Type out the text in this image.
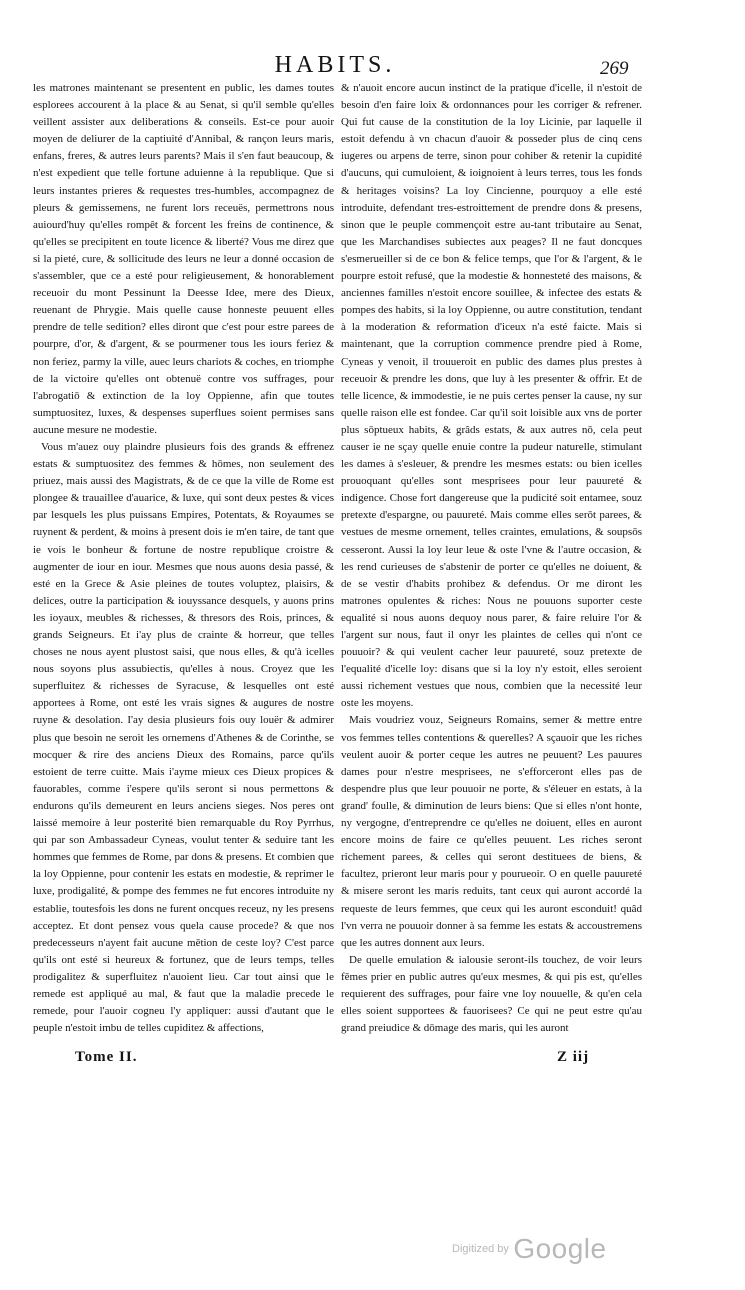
HABITS.	269

les matrones maintenant se presentent en public, les dames toutes esplorees accourent à la place & au Senat, si qu'il semble qu'elles veillent assister aux deliberations & conseils. Est-ce pour auoir moyen de deliurer de la captiuité d'Annibal, & rançon leurs maris, enfans, freres, & autres leurs parents? Mais il s'en faut beaucoup, & n'est expedient que telle fortune aduienne à la republique. Que si leurs instantes prieres & requestes tres-humbles, accompagnez de pleurs & gemissemens, ne furent lors receuës, permettrons nous auiourd'huy qu'elles rompêt & forcent les freins de continence, & qu'elles se precipitent en toute licence & liberté? Vous me direz que si la pieté, cure, & sollicitude des leurs ne leur a donné occasion de s'assembler, que ce a esté pour religieusement, & honorablement receuoir du mont Pessinunt la Deesse Idee, mere des Dieux, reuenant de Phrygie. Mais quelle cause honneste peuuent elles prendre de telle sedition? elles diront que c'est pour estre parees de pourpre, d'or, & d'argent, & se pourmener tous les iours feriez & non feriez, parmy la ville, auec leurs chariots & coches, en triomphe de la victoire qu'elles ont obtenuë contre vos suffrages, pour l'abrogatiō & extinction de la loy Oppienne, afin que toutes sumptuositez, luxes, & despenses superflues soient permises sans aucune mesure ne modestie.

Vous m'auez ouy plaindre plusieurs fois des grands & effrenez estats & sumptuositez des femmes & hōmes, non seulement des priuez, mais aussi des Magistrats, & de ce que la ville de Rome est plongee & trauaillee d'auarice, & luxe, qui sont deux pestes & vices par lesquels les plus puissans Empires, Potentats, & Royaumes se ruynent & perdent, & moins à present dois ie m'en taire, de tant que ie vois le bonheur & fortune de nostre republique croistre & augmenter de iour en iour. Mesmes que nous auons desia passé, & esté en la Grece & Asie pleines de toutes voluptez, plaisirs, & delices, outre la participation & iouyssance desquels, y auons prins les ioyaux, meubles & richesses, & thresors des Rois, princes, & grands Seigneurs. Et i'ay plus de crainte & horreur, que telles choses ne nous ayent plustost saisi, que nous elles, & qu'à icelles nous soyons plus assubiectis, qu'elles à nous. Croyez que les superfluitez & richesses de Syracuse, & lesquelles ont esté apportees à Rome, ont esté les vrais signes & augures de nostre ruyne & desolation. I'ay desia plusieurs fois ouy louër & admirer plus que besoin ne seroit les ornemens d'Athenes & de Corinthe, se mocquer & rire des anciens Dieux des Romains, parce qu'ils estoient de terre cuitte. Mais i'ayme mieux ces Dieux propices & fauorables, comme i'espere qu'ils seront si nous permettons & endurons qu'ils demeurent en leurs anciens sieges. Nos peres ont laissé memoire à leur posterité bien remarquable du Roy Pyrrhus, qui par son Ambassadeur Cyneas, voulut tenter & seduire tant les hommes que femmes de Rome, par dons & presens. Et combien que la loy Oppienne, pour contenir les estats en modestie, & reprimer le luxe, prodigalité, & pompe des femmes ne fut encores introduite ny establie, toutesfois les dons ne furent oncques receuz, ny les presens acceptez. Et dont pensez vous quela cause procede? & que nos predecesseurs n'ayent fait aucune mētion de ceste loy? C'est parce qu'ils ont esté si heureux & fortunez, que de leurs temps, telles prodigalitez & superfluitez n'auoient lieu. Car tout ainsi que le remede est appliqué au mal, & faut que la maladie precede le remede, pour l'auoir cogneu l'y appliquer: aussi d'autant que le peuple n'estoit imbu de telles cupiditez & affections,

& n'auoit encore aucun instinct de la pratique d'icelle, il n'estoit de besoin d'en faire loix & ordonnances pour les corriger & refrener. Qui fut cause de la constitution de la loy Licinie, par laquelle il estoit defendu à vn chacun d'auoir & posseder plus de cinq cens iugeres ou arpens de terre, sinon pour cohiber & retenir la cupidité d'aucuns, qui cumuloient, & ioignoient à leurs terres, tous les fonds & heritages voisins? La loy Cincienne, pourquoy a elle esté introduite, defendant tres-estroittement de prendre dons & presens, sinon que le peuple commençoit estre au-tant tributaire au Senat, que les Marchandises subiectes aux peages? Il ne faut doncques s'esmerueiller si de ce bon & felice temps, que l'or & l'argent, & le pourpre estoit refusé, que la modestie & honnesteté des maisons, & anciennes familles n'estoit encore souillee, & infectee des estats & pompes des habits, si la loy Oppienne, ou autre constitution, tendant à la moderation & reformation d'iceux n'a esté faicte. Mais si maintenant, que la corruption commence prendre pied à Rome, Cyneas y venoit, il trouueroit en public des dames plus prestes à receuoir & prendre les dons, que luy à les presenter & offrir. Et de telle licence, & immodestie, ie ne puis certes penser la cause, ny sur quelle raison elle est fondee. Car qu'il soit loisible aux vns de porter plus sōptueux habits, & grâds estats, & aux autres nō, cela peut causer ie ne sçay quelle enuie contre la pudeur naturelle, stimulant les dames à s'esleuer, & prendre les mesmes estats: ou bien icelles prouoquant qu'elles sont mesprisees pour leur pauureté & indigence. Chose fort dangereuse que la pudicité soit entamee, souz pretexte d'espargne, ou pauureté. Mais comme elles serōt parees, & vestues de mesme ornement, telles craintes, emulations, & soupsōs cesseront. Aussi la loy leur leue & oste l'vne & l'autre occasion, & les rend curieuses de s'abstenir de porter ce qu'elles ne doiuent, & de se vestir d'habits prohibez & defendus. Or me diront les matrones opulentes & riches: Nous ne pouuons suporter ceste equalité si nous auons dequoy nous parer, & faire reluire l'or & l'argent sur nous, faut il onyr les plaintes de celles qui n'ont ce pouuoir? & qui veulent cacher leur pauureté, souz pretexte de l'equalité d'icelle loy: disans que si la loy n'y estoit, elles seroient aussi richement vestues que nous, combien que la necessité leur oste les moyens.

Mais voudriez vouz, Seigneurs Romains, semer & mettre entre vos femmes telles contentions & querelles? A sçauoir que les riches veulent auoir & porter ceque les autres ne peuuent? Les pauures dames pour n'estre mesprisees, ne s'efforceront elles pas de despendre plus que leur pouuoir ne porte, & s'éleuer en estats, à la grand' foulle, & diminution de leurs biens: Que si elles n'ont honte, ny vergogne, d'entreprendre ce qu'elles ne doiuent, elles en auront encore moins de faire ce qu'elles peuuent. Les riches seront richement parees, & celles qui seront destituees de biens, & facultez, prieront leur maris pour y pourueoir. O en quelle pauureté & misere seront les maris reduits, tant ceux qui auront accordé la requeste de leurs femmes, que ceux qui les auront esconduit! quâd l'vn verra ne pouuoir donner à sa femme les estats & accoustremens que les autres donnent aux leurs.

De quelle emulation & ialousie seront-ils touchez, de voir leurs fēmes prier en public autres qu'eux mesmes, & qui pis est, qu'elles requierent des suffrages, pour faire vne loy nouuelle, & qu'en cela elles soient supportees & fauorisees? Ce qui ne peut estre qu'au grand preiudice & dōmage des maris, qui les auront

Tome II.	Z iij
Digitized by Google
